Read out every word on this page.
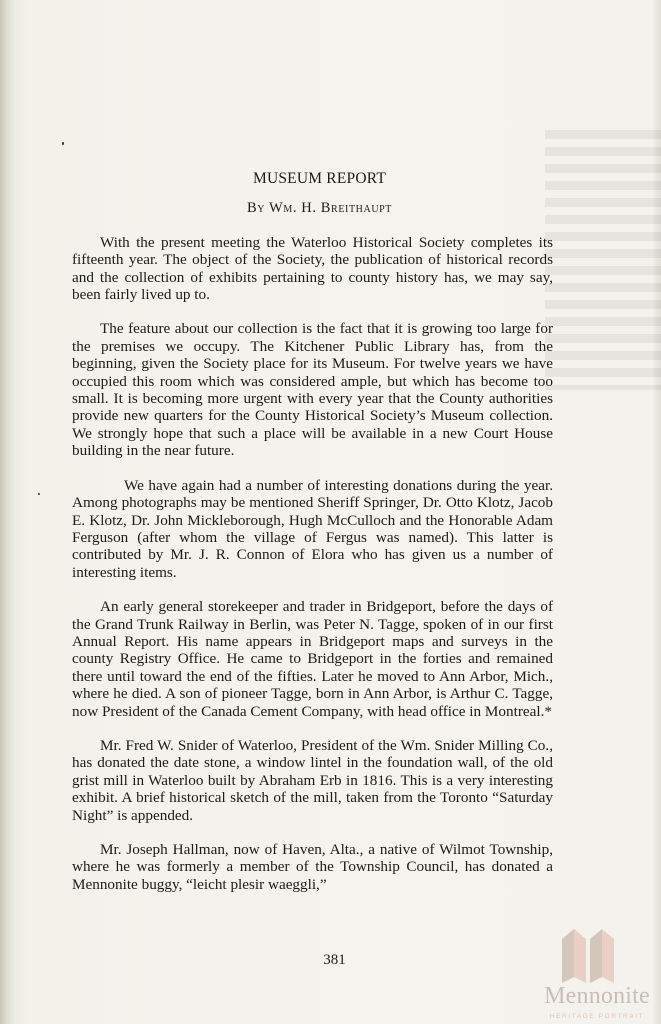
MUSEUM REPORT
By Wm. H. Breithaupt

With the present meeting the Waterloo Historical Society completes its fifteenth year. The object of the Society, the publication of historical records and the collection of exhibits pertaining to county history has, we may say, been fairly lived up to.

The feature about our collection is the fact that it is growing too large for the premises we occupy. The Kitchener Public Library has, from the beginning, given the Society place for its Museum. For twelve years we have occupied this room which was considered ample, but which has become too small. It is becoming more urgent with every year that the County authorities provide new quarters for the County Historical Society’s Museum collection. We strongly hope that such a place will be available in a new Court House building in the near future.

We have again had a number of interesting donations during the year. Among photographs may be mentioned Sheriff Springer, Dr. Otto Klotz, Jacob E. Klotz, Dr. John Mickleborough, Hugh McCulloch and the Honorable Adam Ferguson (after whom the village of Fergus was named). This latter is contributed by Mr. J. R. Connon of Elora who has given us a number of interesting items.

An early general storekeeper and trader in Bridgeport, before the days of the Grand Trunk Railway in Berlin, was Peter N. Tagge, spoken of in our first Annual Report. His name appears in Bridgeport maps and surveys in the county Registry Office. He came to Bridgeport in the forties and remained there until toward the end of the fifties. Later he moved to Ann Arbor, Mich., where he died. A son of pioneer Tagge, born in Ann Arbor, is Arthur C. Tagge, now President of the Canada Cement Company, with head office in Montreal.*

Mr. Fred W. Snider of Waterloo, President of the Wm. Snider Milling Co., has donated the date stone, a window lintel in the foundation wall, of the old grist mill in Waterloo built by Abraham Erb in 1816. This is a very interesting exhibit. A brief historical sketch of the mill, taken from the Toronto “Saturday Night” is appended.

Mr. Joseph Hallman, now of Haven, Alta., a native of Wilmot Township, where he was formerly a member of the Township Council, has donated a Mennonite buggy, “leicht plesir waeggli,”

381
Mennonite
HERITAGE PORTRAIT
